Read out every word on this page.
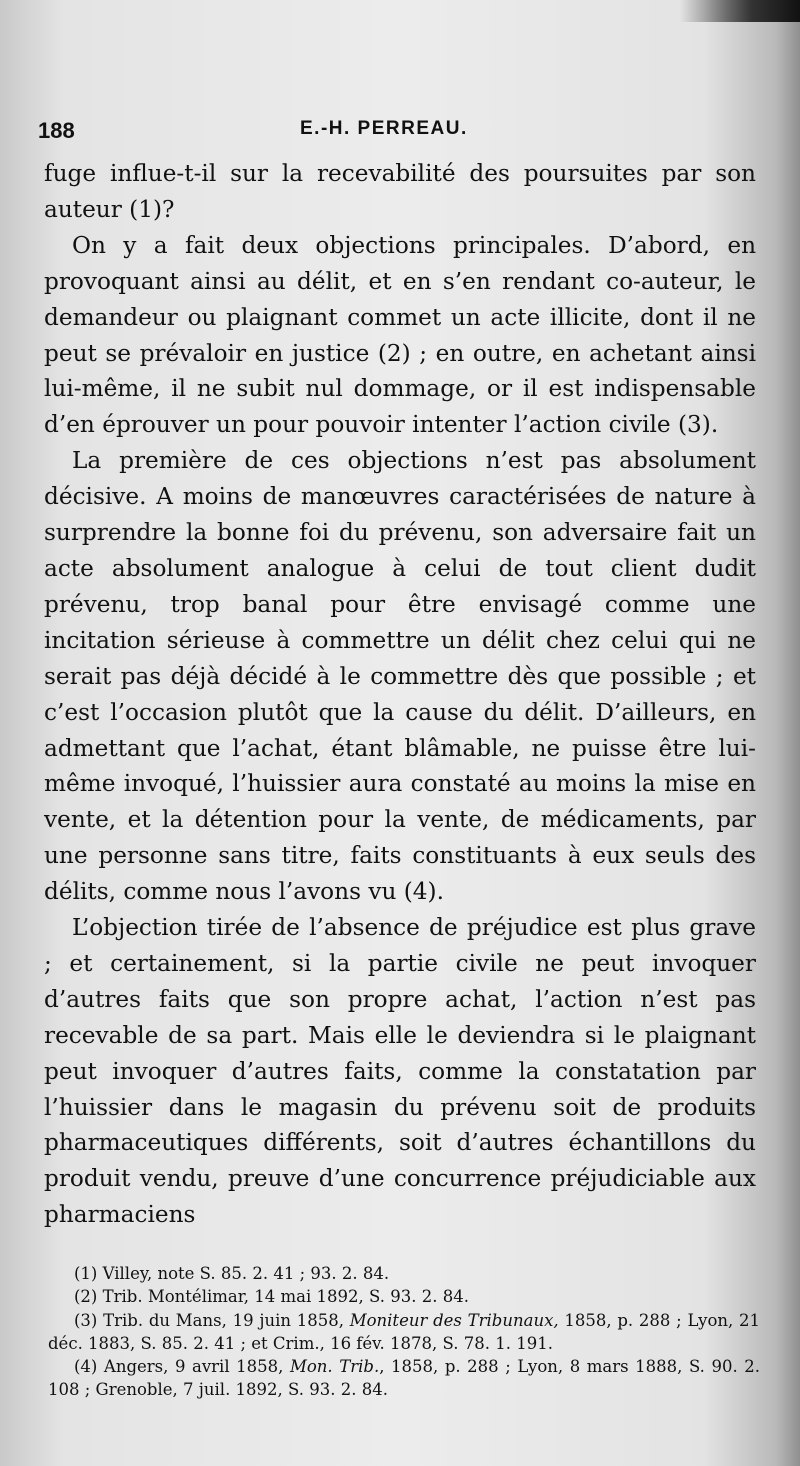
188	E.-H. PERREAU.

fuge influe-t-il sur la recevabilité des poursuites par son auteur (1)?

On y a fait deux objections principales. D’abord, en provoquant ainsi au délit, et en s’en rendant co-auteur, le demandeur ou plaignant commet un acte illicite, dont il ne peut se prévaloir en justice (2) ; en outre, en achetant ainsi lui-même, il ne subit nul dommage, or il est indispensable d’en éprouver un pour pouvoir intenter l’action civile (3).

La première de ces objections n’est pas absolument décisive. A moins de manœuvres caractérisées de nature à surprendre la bonne foi du prévenu, son adversaire fait un acte absolument analogue à celui de tout client dudit prévenu, trop banal pour être envisagé comme une incitation sérieuse à commettre un délit chez celui qui ne serait pas déjà décidé à le commettre dès que possible ; et c’est l’occasion plutôt que la cause du délit. D’ailleurs, en admettant que l’achat, étant blâmable, ne puisse être lui-même invoqué, l’huissier aura constaté au moins la mise en vente, et la détention pour la vente, de médicaments, par une personne sans titre, faits constituants à eux seuls des délits, comme nous l’avons vu (4).

L’objection tirée de l’absence de préjudice est plus grave ; et certainement, si la partie civile ne peut invoquer d’autres faits que son propre achat, l’action n’est pas recevable de sa part. Mais elle le deviendra si le plaignant peut invoquer d’autres faits, comme la constatation par l’huissier dans le magasin du prévenu soit de produits pharmaceutiques différents, soit d’autres échantillons du produit vendu, preuve d’une concurrence préjudiciable aux pharmaciens

(1) Villey, note S. 85. 2. 41 ; 93. 2. 84.

(2) Trib. Montélimar, 14 mai 1892, S. 93. 2. 84.

(3) Trib. du Mans, 19 juin 1858, Moniteur des Tribunaux, 1858, p. 288 ; Lyon, 21 déc. 1883, S. 85. 2. 41 ; et Crim., 16 fév. 1878, S. 78. 1. 191.

(4) Angers, 9 avril 1858, Mon. Trib., 1858, p. 288 ; Lyon, 8 mars 1888, S. 90. 2. 108 ; Grenoble, 7 juil. 1892, S. 93. 2. 84.
